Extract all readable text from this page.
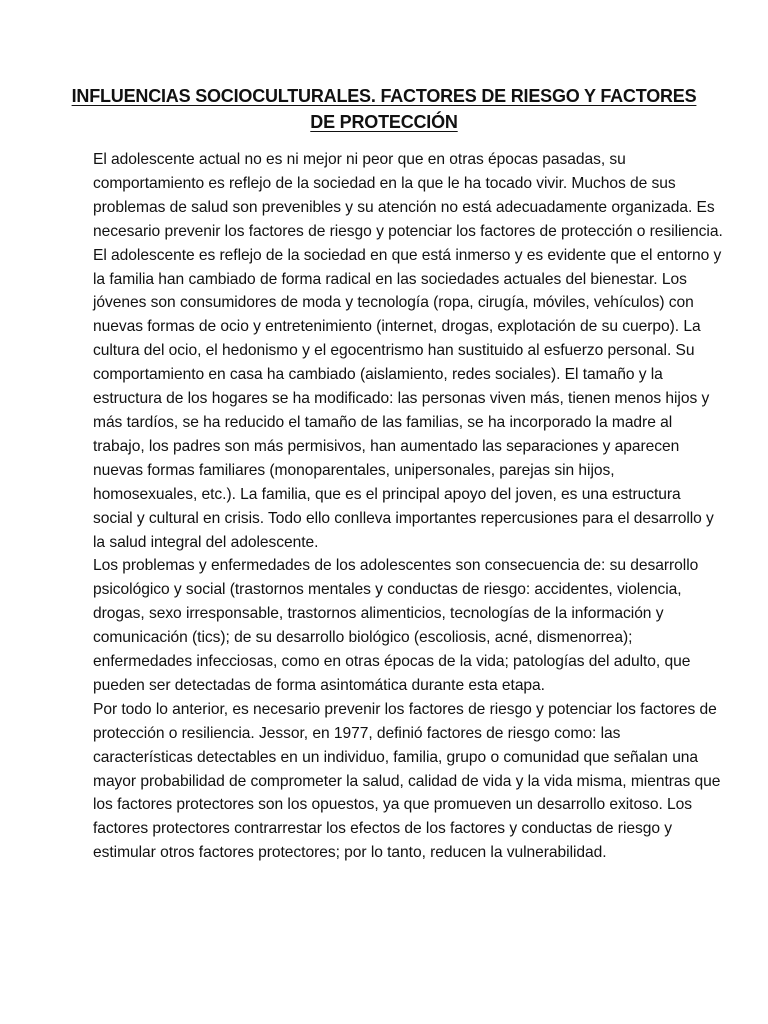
INFLUENCIAS SOCIOCULTURALES. FACTORES DE RIESGO Y FACTORES DE PROTECCIÓN

El adolescente actual no es ni mejor ni peor que en otras épocas pasadas, su comportamiento es reflejo de la sociedad en la que le ha tocado vivir. Muchos de sus problemas de salud son prevenibles y su atención no está adecuadamente organizada. Es necesario prevenir los factores de riesgo y potenciar los factores de protección o resiliencia.

El adolescente es reflejo de la sociedad en que está inmerso y es evidente que el entorno y la familia han cambiado de forma radical en las sociedades actuales del bienestar. Los jóvenes son consumidores de moda y tecnología (ropa, cirugía, móviles, vehículos) con nuevas formas de ocio y entretenimiento (internet, drogas, explotación de su cuerpo). La cultura del ocio, el hedonismo y el egocentrismo han sustituido al esfuerzo personal. Su comportamiento en casa ha cambiado (aislamiento, redes sociales). El tamaño y la estructura de los hogares se ha modificado: las personas viven más, tienen menos hijos y más tardíos, se ha reducido el tamaño de las familias, se ha incorporado la madre al trabajo, los padres son más permisivos, han aumentado las separaciones y aparecen nuevas formas familiares (monoparentales, unipersonales, parejas sin hijos, homosexuales, etc.). La familia, que es el principal apoyo del joven, es una estructura social y cultural en crisis. Todo ello conlleva importantes repercusiones para el desarrollo y la salud integral del adolescente.

Los problemas y enfermedades de los adolescentes son consecuencia de: su desarrollo psicológico y social (trastornos mentales y conductas de riesgo: accidentes, violencia, drogas, sexo irresponsable, trastornos alimenticios, tecnologías de la información y comunicación (tics); de su desarrollo biológico (escoliosis, acné, dismenorrea); enfermedades infecciosas, como en otras épocas de la vida; patologías del adulto, que pueden ser detectadas de forma asintomática durante esta etapa.

Por todo lo anterior, es necesario prevenir los factores de riesgo y potenciar los factores de protección o resiliencia. Jessor, en 1977, definió factores de riesgo como: las características detectables en un individuo, familia, grupo o comunidad que señalan una mayor probabilidad de comprometer la salud, calidad de vida y la vida misma, mientras que los factores protectores son los opuestos, ya que promueven un desarrollo exitoso. Los factores protectores contrarrestar los efectos de los factores y conductas de riesgo y estimular otros factores protectores; por lo tanto, reducen la vulnerabilidad.
